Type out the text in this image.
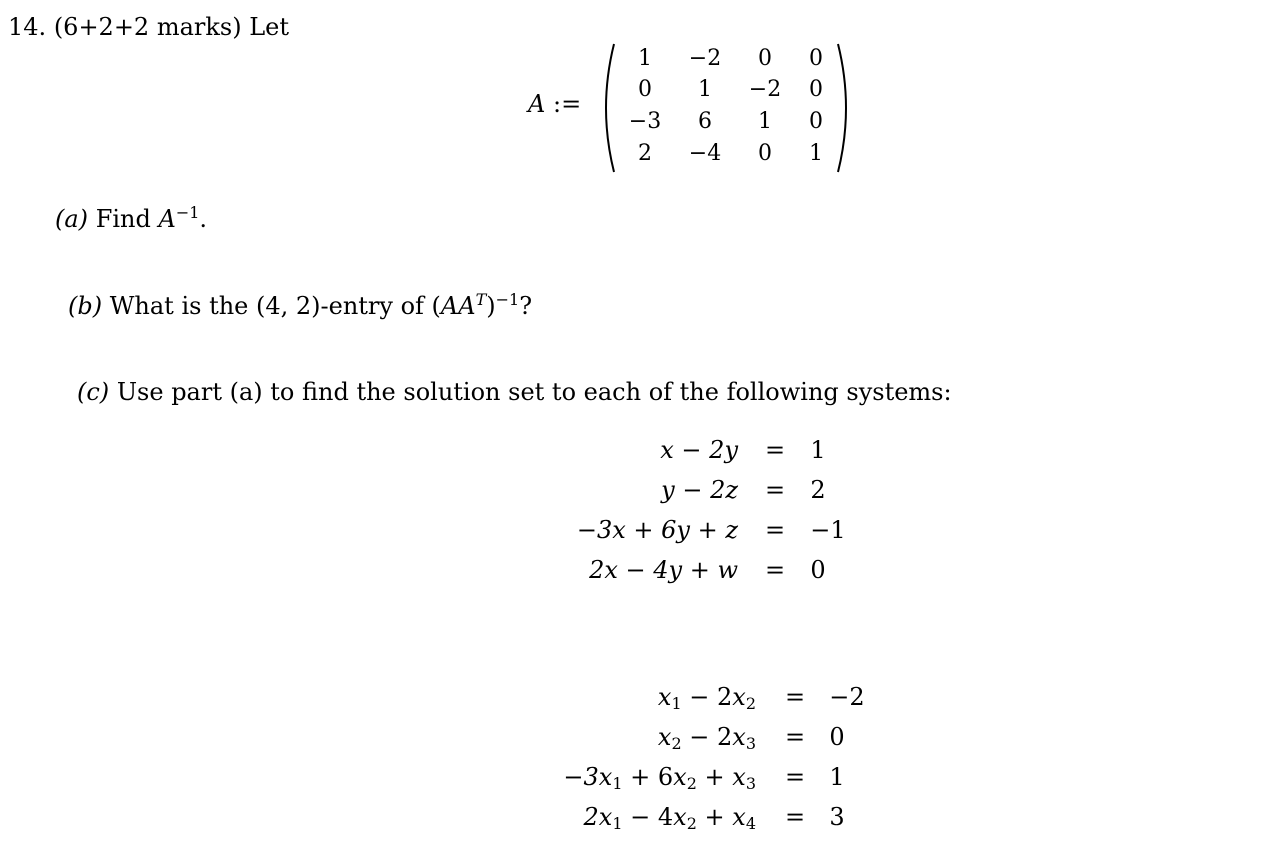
14. (6+2+2 marks) Let
A :=
1	−2	0	0
0	1	−2	0
−3	6	1	0
2	−4	0	1
(a) Find $A^{-1}$.
(b) What is the (4, 2)-entry of $(AA^T)^{-1}$?
(c) Use part (a) to find the solution set to each of the following systems:
x − 2y =	1
y − 2z =	2
−3x + 6y + z =	−1
2x − 4y + w =	0
$x_1 - 2x_2$ =	−2
$x_2 - 2x_3$ =	0
$-3x_1 + 6x_2 + x_3$ =	1
$2x_1 - 4x_2 + x_4$ =	3
